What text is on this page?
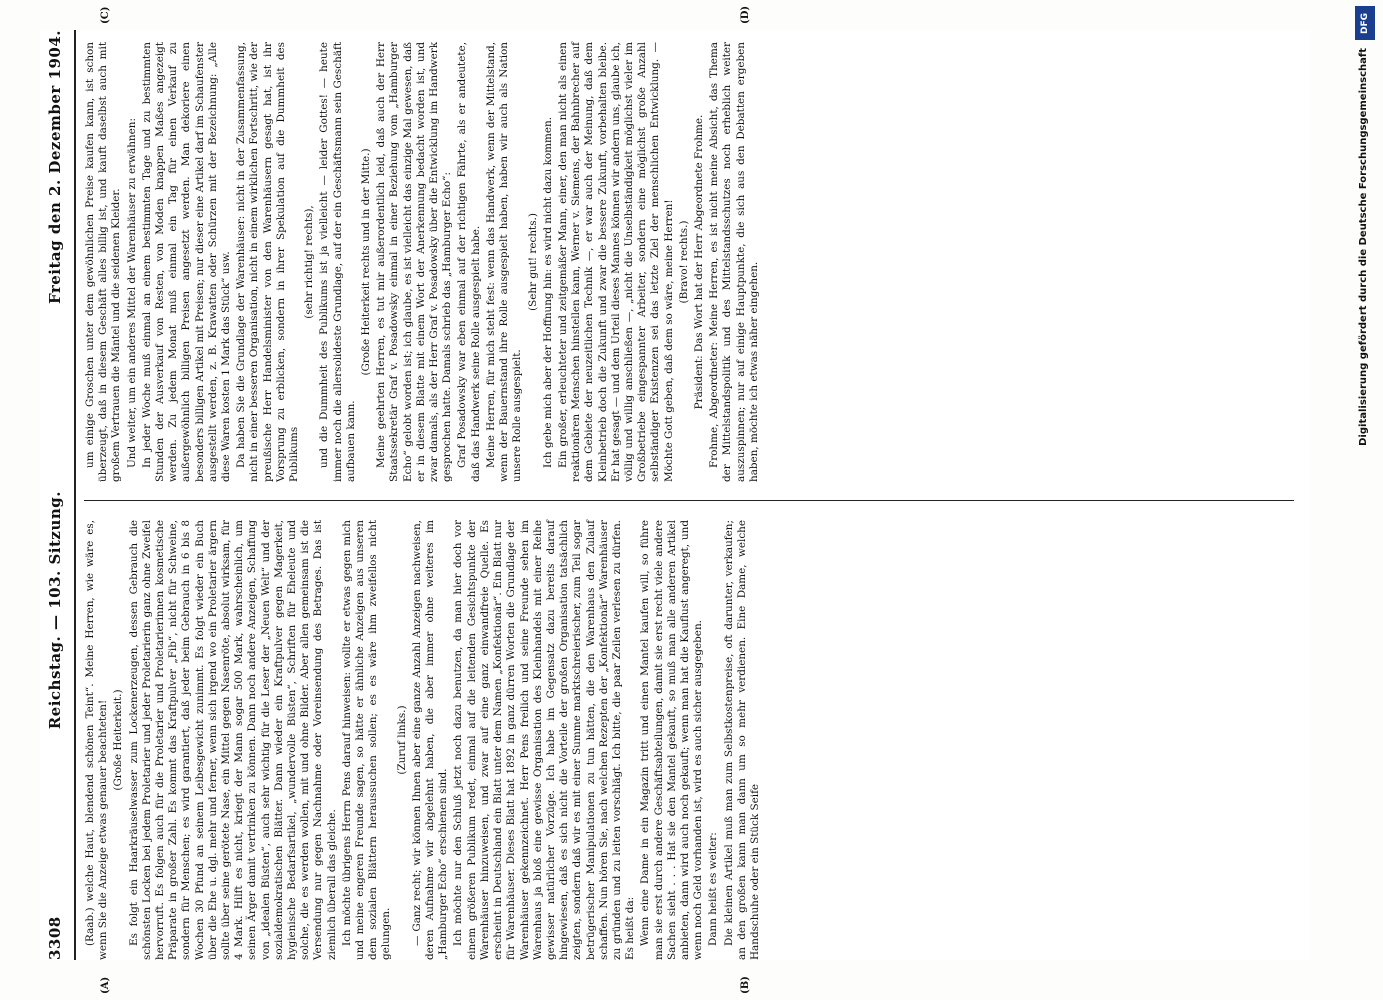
3308
Reichstag. — 103. Sitzung.
Freitag den 2. Dezember 1904.

(Raab.) welche Haut, blendend schönen Teint“. Meine Herren, wie wäre es, wenn Sie die Anzeige etwas genauer beachteten! (Große Heiterkeit.) Es folgt ein Haarkräuselwasser zum Lockenerzeugen, dessen Gebrauch die schönsten Locken bei jedem Proletarier und jeder Proletarierin ganz ohne Zweifel hervorruft. Es folgen auch für die Proletarier und Proletarierinnen kosmetische Präparate in großer Zahl. Es kommt das Kraftpulver „Fib“, nicht für Schweine, sondern für Menschen; es wird garantiert, daß jeder beim Gebrauch in 6 bis 8 Wochen 30 Pfund an seinem Leibesgewicht zunimmt. Es folgt wieder ein Buch über die Ehe u. dgl. mehr und ferner, wenn sich irgend wo ein Proletarier ärgern sollte über seine gerötete Nase, ein Mittel gegen Nasenröte, absolut wirksam, für 4 Mark. Hilft es nicht, kriegt der Mann sogar 500 Mark, wahrscheinlich, um seinen Ärger damit vertrinken zu können. Dann noch andere Anzeigen, Schaffung von „idealen Büsten“, auch sehr wichtig für die Leser der „Neuen Welt“ und der sozialdemokratischen Blätter. Dann wieder ein Kraftpulver gegen Magerkeit, hygienische Bedarfsartikel, „wundervolle Büsten“, Schriften für Eheleute und solche, die es werden wollen, mit und ohne Bilder. Aber allen gemeinsam ist die Versendung nur gegen Nachnahme oder Voreinsendung des Betrages. Das ist ziemlich überall das gleiche. Ich möchte übrigens Herrn Pens darauf hinweisen: wollte er etwas gegen mich und meine engeren Freunde sagen, so hätte er ähnliche Anzeigen aus unseren dem sozialen Blättern heraussuchen sollen; es es wäre ihm zweifellos nicht gelungen.

(Zuruf links.) — Ganz recht; wir können Ihnen aber eine ganze Anzahl Anzeigen nachweisen, deren Aufnahme wir abgelehnt haben, die aber immer ohne weiteres im „Hamburger Echo“ erschienen sind. Ich möchte nur den Schluß jetzt noch dazu benutzen, da man hier doch vor einem größeren Publikum redet, einmal auf die leitenden Gesichtspunkte der Warenhäuser hinzuweisen, und zwar auf eine ganz einwandfreie Quelle. Es erscheint in Deutschland ein Blatt unter dem Namen „Konfektionär“. Ein Blatt nur für Warenhäuser. Dieses Blatt hat 1892 in ganz dürren Worten die Grundlage der Warenhäuser gekennzeichnet. Herr Pens freilich und seine Freunde sehen im Warenhaus ja bloß eine gewisse Organisation des Kleinhandels mit einer Reihe gewisser natürlicher Vorzüge. Ich habe im Gegensatz dazu bereits darauf hingewiesen, daß es sich nicht die Vorteile der großen Organisation tatsächlich zeigten, sondern daß wir es mit einer Summe marktschreierischer, zum Teil sogar betrügerischer Manipulationen zu tun hätten, die den Warenhaus den Zulauf schaffen. Nun hören Sie, nach welchen Rezepten der „Konfektionär“ Warenhäuser zu gründen und zu leiten vorschlägt. Ich bitte, die paar Zeilen verlesen zu dürfen. Es heißt da: Wenn eine Dame in ein Magazin tritt und einen Mantel kaufen will, so führe man sie erst durch andere Geschäftsabteilungen, damit sie erst recht viele andere Sachen sieht . . . Hat sie den Mantel gekauft, so muß man alle anderen Artikel anbieten, dann wird auch noch gekauft; wenn man hat die Kauflust angeregt, und wenn noch Geld vorhanden ist, wird es auch sicher ausgegeben. Dann heißt es weiter: Die kleinen Artikel muß man zum Selbstkostenpreise, oft darunter, verkaufen; an den großen kann man dann um so mehr verdienen. Eine Dame, welche Handschuhe oder ein Stück Seife

um einige Groschen unter dem gewöhnlichen Preise kaufen kann, ist schon überzeugt, daß in diesem Geschäft alles billig ist, und kauft daselbst auch mit großem Vertrauen die Mäntel und die seidenen Kleider. Und weiter, um ein anderes Mittel der Warenhäuser zu erwähnen: In jeder Woche muß einmal an einem bestimmten Tage und zu bestimmten Stunden der Ausverkauf von Resten, von Moden knappen Maßes angezeigt werden. Zu jedem Monat muß einmal ein Tag für einen Verkauf zu außergewöhnlich billigen Preisen angesetzt werden. Man dekoriere einen besonders billigen Artikel mit Preisen; nur dieser eine Artikel darf im Schaufenster ausgestellt werden, z. B. Krawatten oder Schürzen mit der Bezeichnung: „Alle diese Waren kosten 1 Mark das Stück“ usw. Da haben Sie die Grundlage der Warenhäuser: nicht in der Zusammenfassung, nicht in einer besseren Organisation, nicht in einem wirklichen Fortschritt, wie der preußische Herr Handelsminister von den Warenhäusern gesagt hat, ist ihr Vorsprung zu erblicken, sondern in ihrer Spekulation auf die Dummheit des Publikums

(sehr richtig! rechts), und die Dummheit des Publikums ist ja vielleicht — leider Gottes! — heute immer noch die allersolideste Grundlage, auf der ein Geschäftsmann sein Geschäft aufbauen kann.

(Große Heiterkeit rechts und in der Mitte.) Meine geehrten Herren, es tut mir außerordentlich leid, daß auch der Herr Staatssekretär Graf v. Posadowsky einmal in einer Beziehung vom „Hamburger Echo“ gelobt worden ist; ich glaube, es ist vielleicht das einzige Mal gewesen, daß er in diesem Blatte mit einem Wort der Anerkennung bedacht worden ist, und zwar damals, als der Herr Graf v. Posadowsky über die Entwicklung im Handwerk gesprochen hatte. Damals schrieb das „Hamburger Echo“: Graf Posadowsky war eben einmal auf der richtigen Fährte, als er andeutete, daß das Handwerk seine Rolle ausgespielt habe. Meine Herren, für mich steht fest: wenn das Handwerk, wenn der Mittelstand, wenn der Bauernstand ihre Rolle ausgespielt haben, haben wir auch als Nation unsere Rolle ausgespielt.

(Sehr gut! rechts.) Ich gebe mich aber der Hoffnung hin: es wird nicht dazu kommen. Ein großer, erleuchteter und zeitgemäßer Mann, einer, den man nicht als einen reaktionären Menschen hinstellen kann, Werner v. Siemens, der Bahnbrecher auf dem Gebiete der neuzeitlichen Technik —, er war auch der Meinung, daß dem Kleinbetrieb doch die Zukunft und zwar die bessere Zukunft, vorbehalten bleibe. Er hat gesagt — und dem Urteil dieses Mannes können wir andern uns, glaube ich, völlig und willig anschließen —, „nicht die Unselbständigkeit möglichst vieler im Großbetriebe eingespannter Arbeiter, sondern eine möglichst große Anzahl selbständiger Existenzen sei das letzte Ziel der menschlichen Entwicklung. — Möchte Gott geben, daß dem so wäre, meine Herren! (Bravo! rechts.) Präsident: Das Wort hat der Herr Abgeordnete Frohme. Frohme, Abgeordneter: Meine Herren, es ist nicht meine Absicht, das Thema der Mittelstandspolitik und des Mittelstandsschutzes noch erheblich weiter auszuspinnen; nur auf einige Hauptpunkte, die sich aus den Debatten ergeben haben, möchte ich etwas näher eingehen.

(A)	(B)
(C)	(D)	DFG
Digitalisierung gefördert durch die Deutsche Forschungsgemeinschaft
